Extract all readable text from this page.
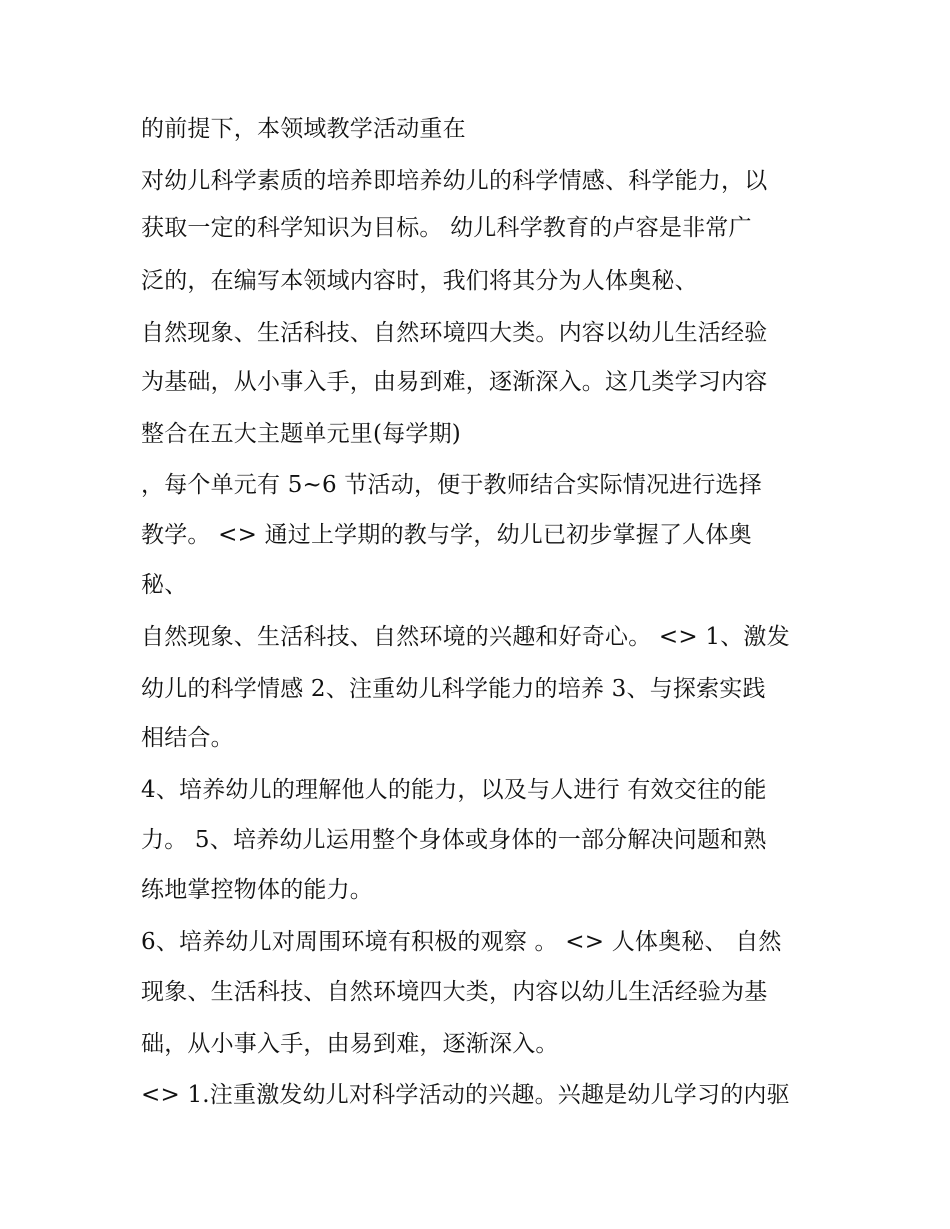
的前提下，本领域教学活动重在
对幼儿科学素质的培养即培养幼儿的科学情感、科学能力，以
获取一定的科学知识为目标。 幼儿科学教育的卢容是非常广
泛的，在编写本领域内容时，我们将其分为人体奥秘、
自然现象、生活科技、自然环境四大类。内容以幼儿生活经验
为基础，从小事入手，由易到难，逐渐深入。这几类学习内容
整合在五大主题单元里(每学期)
，每个单元有 5~6 节活动，便于教师结合实际情况进行选择
教学。 <> 通过上学期的教与学，幼儿已初步掌握了人体奥
秘、
自然现象、生活科技、自然环境的兴趣和好奇心。 <> 1、激发
幼儿的科学情感 2、注重幼儿科学能力的培养 3、与探索实践
相结合。
4、培养幼儿的理解他人的能力，以及与人进行 有效交往的能
力。 5、培养幼儿运用整个身体或身体的一部分解决问题和熟
练地掌控物体的能力。
6、培养幼儿对周围环境有积极的观察 。 <> 人体奥秘、 自然
现象、生活科技、自然环境四大类，内容以幼儿生活经验为基
础，从小事入手，由易到难，逐渐深入。
<> 1.注重激发幼儿对科学活动的兴趣。兴趣是幼儿学习的内驱
